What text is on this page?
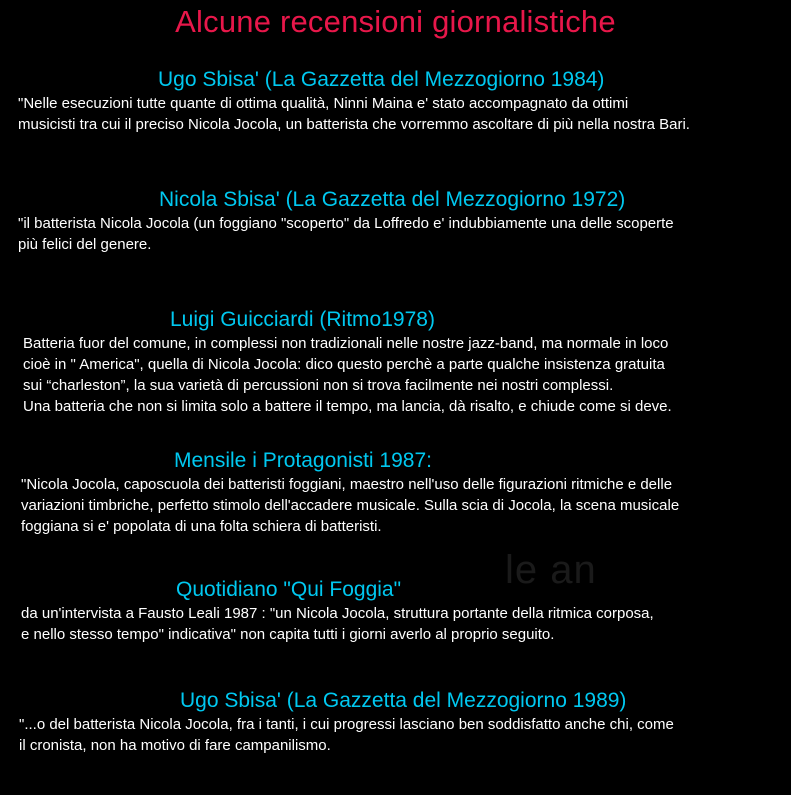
Alcune recensioni giornalistiche
le an
Ugo Sbisa' (La Gazzetta del Mezzogiorno 1984)

"Nelle esecuzioni tutte quante di ottima qualità, Ninni Maina e' stato accompagnato da ottimi
musicisti tra cui il preciso Nicola Jocola, un batterista che vorremmo ascoltare di più nella nostra Bari.

Nicola Sbisa' (La Gazzetta del Mezzogiorno 1972)

"il batterista Nicola Jocola (un foggiano "scoperto" da Loffredo e' indubbiamente una delle scoperte
più felici del genere.

Luigi Guicciardi (Ritmo1978)

Batteria fuor del comune, in complessi non tradizionali nelle nostre jazz-band, ma normale in loco
cioè in " America", quella di Nicola Jocola: dico questo perchè a parte qualche insistenza gratuita
sui “charleston”, la sua varietà di percussioni non si trova facilmente nei nostri complessi.
Una batteria che non si limita solo a battere il tempo, ma lancia, dà risalto, e chiude come si deve.

Mensile i Protagonisti 1987:

"Nicola Jocola, caposcuola dei batteristi foggiani, maestro nell'uso delle figurazioni ritmiche e delle
variazioni timbriche, perfetto stimolo dell'accadere musicale. Sulla scia di Jocola, la scena musicale
foggiana si e' popolata di una folta schiera di batteristi.

Quotidiano "Qui Foggia"

da un'intervista a Fausto Leali 1987 : "un Nicola Jocola, struttura portante della ritmica corposa,
e nello stesso tempo" indicativa" non capita tutti i giorni averlo al proprio seguito.

Ugo Sbisa' (La Gazzetta del Mezzogiorno 1989)

"...o del batterista Nicola Jocola, fra i tanti, i cui progressi lasciano ben soddisfatto anche chi, come
il cronista, non ha motivo di fare campanilismo.
